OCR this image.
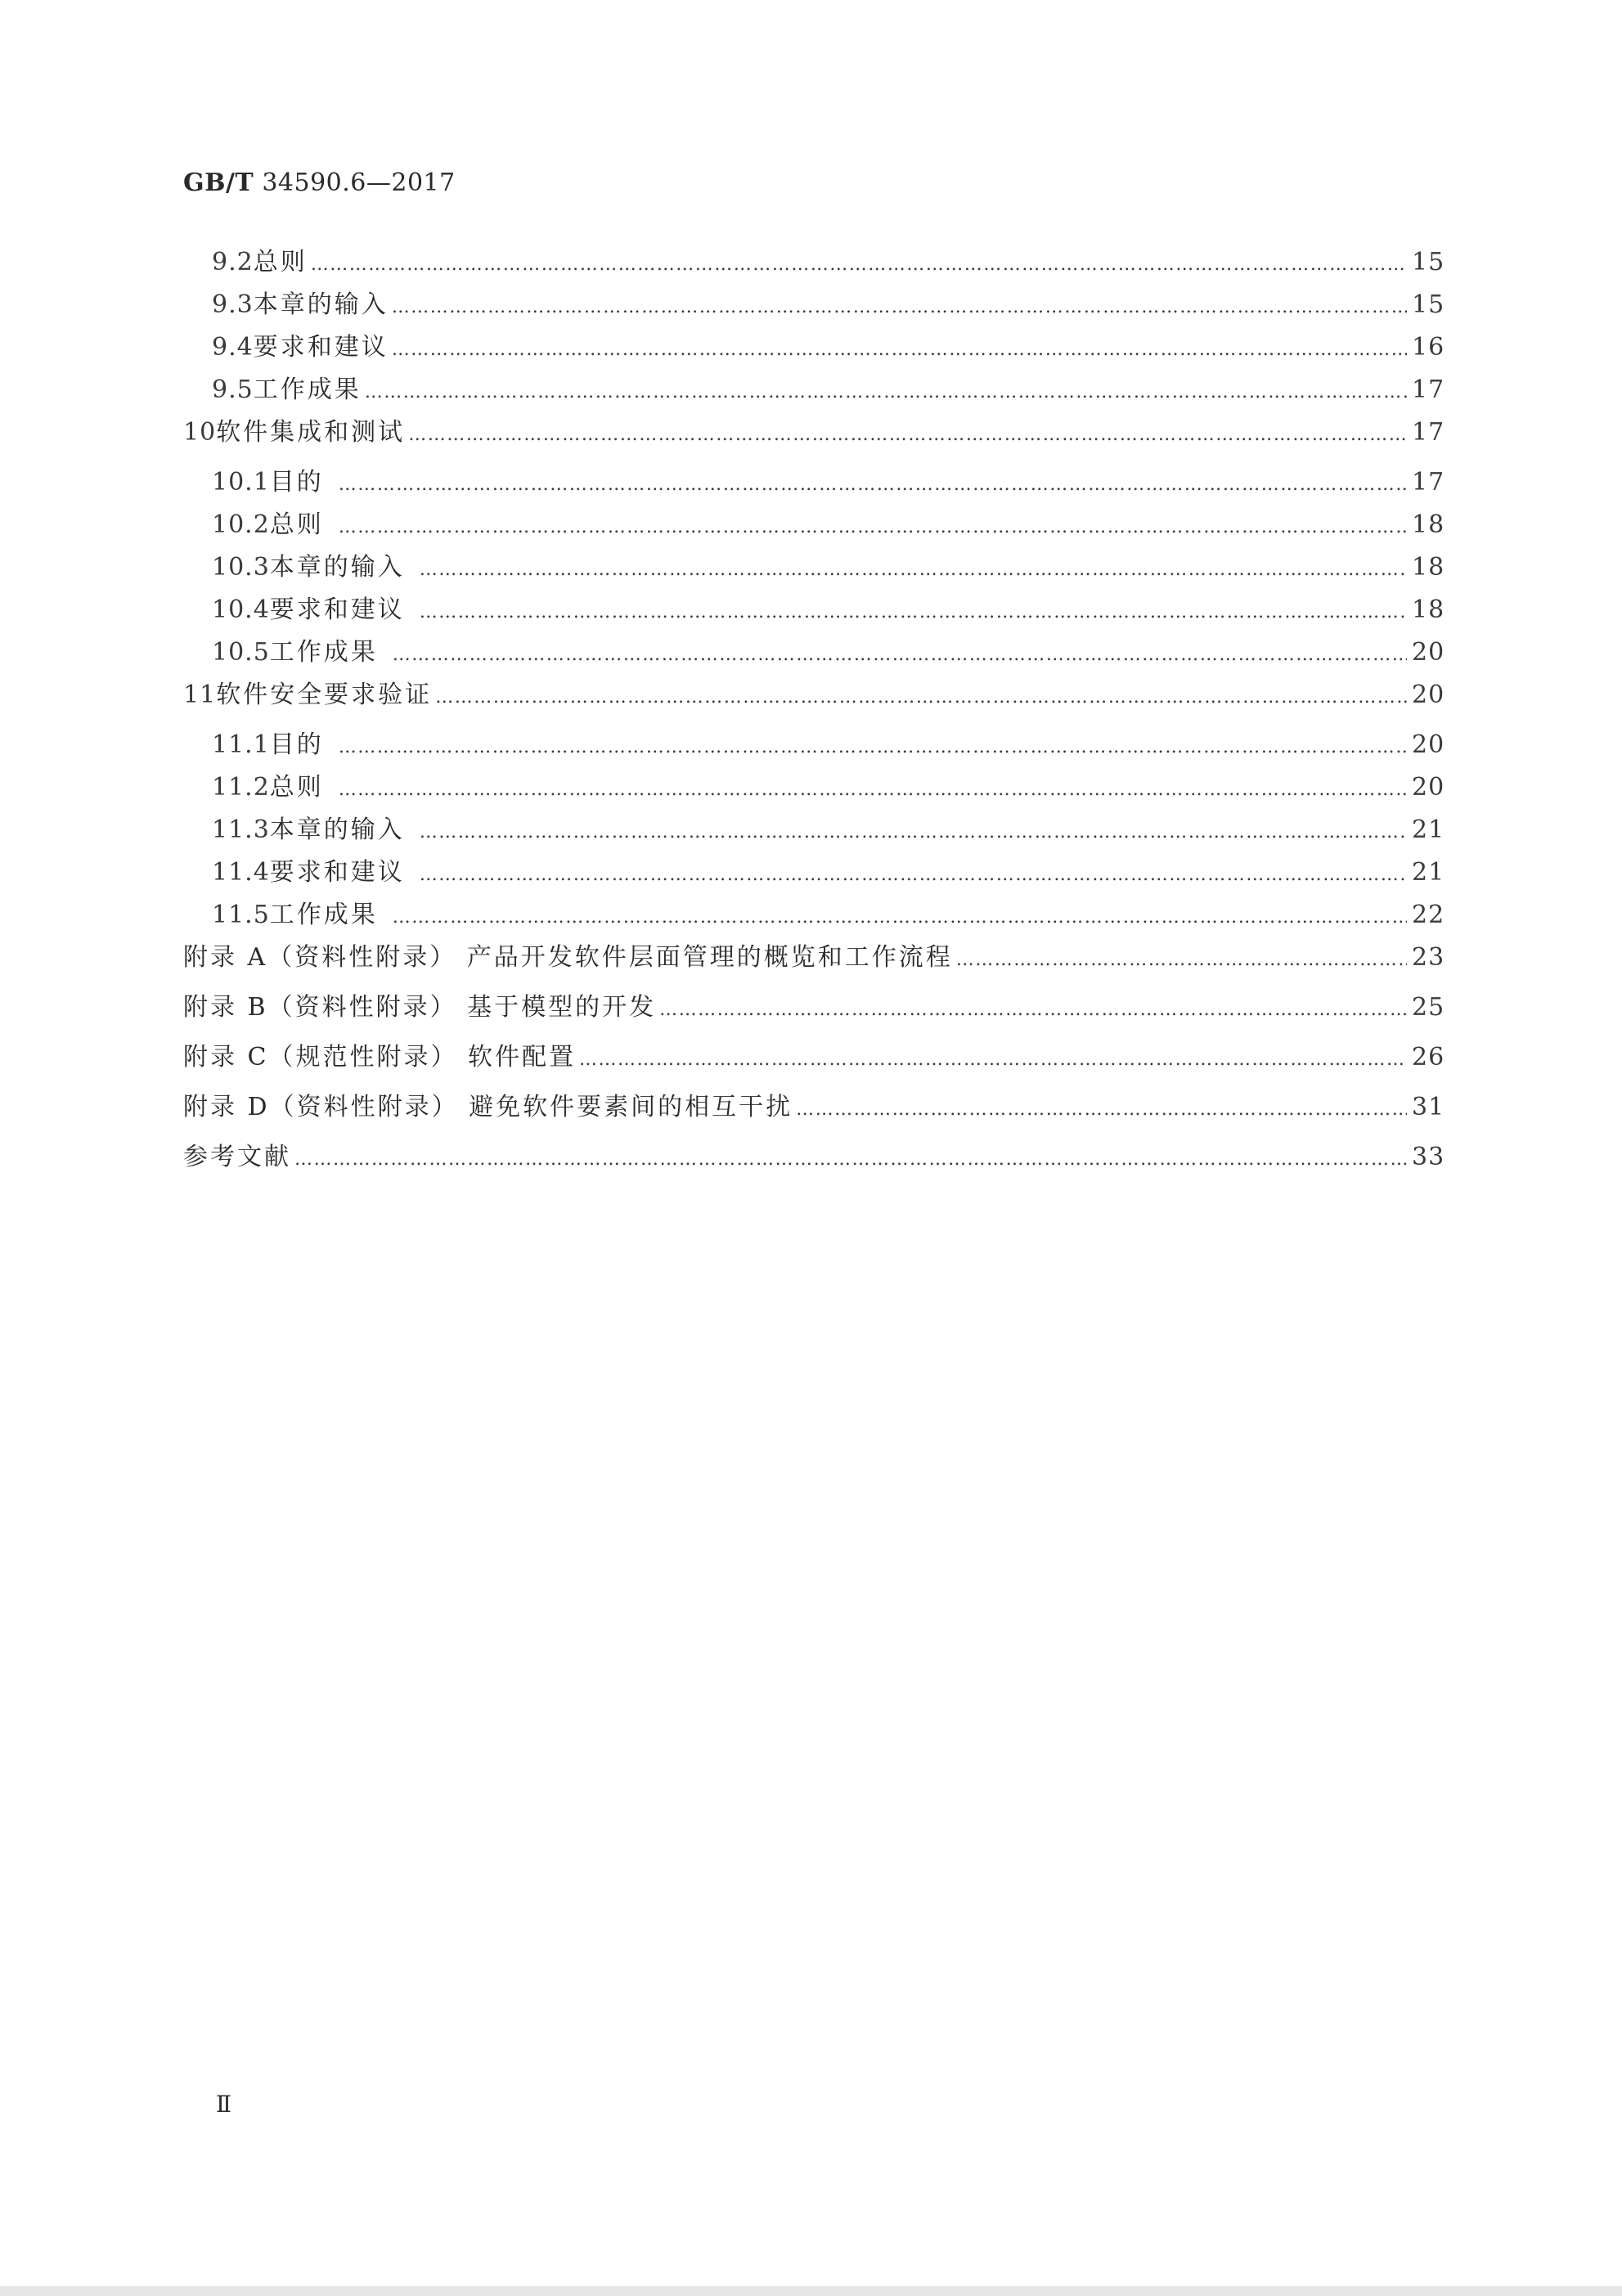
GB/T 34590.6—2017
9.2 总则 …………………………………………………………………………………………………………………………………………………………………………………………………………………………………………………………………………	15
9.3 本章的输入 …………………………………………………………………………………………………………………………………………………………………………………………………………………………………………………………………………	15
9.4 要求和建议 …………………………………………………………………………………………………………………………………………………………………………………………………………………………………………………………………………	16
9.5 工作成果 …………………………………………………………………………………………………………………………………………………………………………………………………………………………………………………………………………	17
10 软件集成和测试 …………………………………………………………………………………………………………………………………………………………………………………………………………………………………………………………………………	17
10.1 目的 …………………………………………………………………………………………………………………………………………………………………………………………………………………………………………………………………………	17
10.2 总则 …………………………………………………………………………………………………………………………………………………………………………………………………………………………………………………………………………	18
10.3 本章的输入 …………………………………………………………………………………………………………………………………………………………………………………………………………………………………………………………………………	18
10.4 要求和建议 …………………………………………………………………………………………………………………………………………………………………………………………………………………………………………………………………………	18
10.5 工作成果 …………………………………………………………………………………………………………………………………………………………………………………………………………………………………………………………………………	20
11 软件安全要求验证 …………………………………………………………………………………………………………………………………………………………………………………………………………………………………………………………………………	20
11.1 目的 …………………………………………………………………………………………………………………………………………………………………………………………………………………………………………………………………………	20
11.2 总则 …………………………………………………………………………………………………………………………………………………………………………………………………………………………………………………………………………	20
11.3 本章的输入 …………………………………………………………………………………………………………………………………………………………………………………………………………………………………………………………………………	21
11.4 要求和建议 …………………………………………………………………………………………………………………………………………………………………………………………………………………………………………………………………………	21
11.5 工作成果 …………………………………………………………………………………………………………………………………………………………………………………………………………………………………………………………………………	22
附录 A（资料性附录） 产品开发软件层面管理的概览和工作流程 …………………………………………………………………………………………………………………………………………………………………………………………………………………………………………………………………………	23
附录 B（资料性附录） 基于模型的开发 …………………………………………………………………………………………………………………………………………………………………………………………………………………………………………………………………………	25
附录 C（规范性附录） 软件配置 …………………………………………………………………………………………………………………………………………………………………………………………………………………………………………………………………………	26
附录 D（资料性附录） 避免软件要素间的相互干扰 …………………………………………………………………………………………………………………………………………………………………………………………………………………………………………………………………………	31
参考文献 …………………………………………………………………………………………………………………………………………………………………………………………………………………………………………………………………………	33
Ⅱ
